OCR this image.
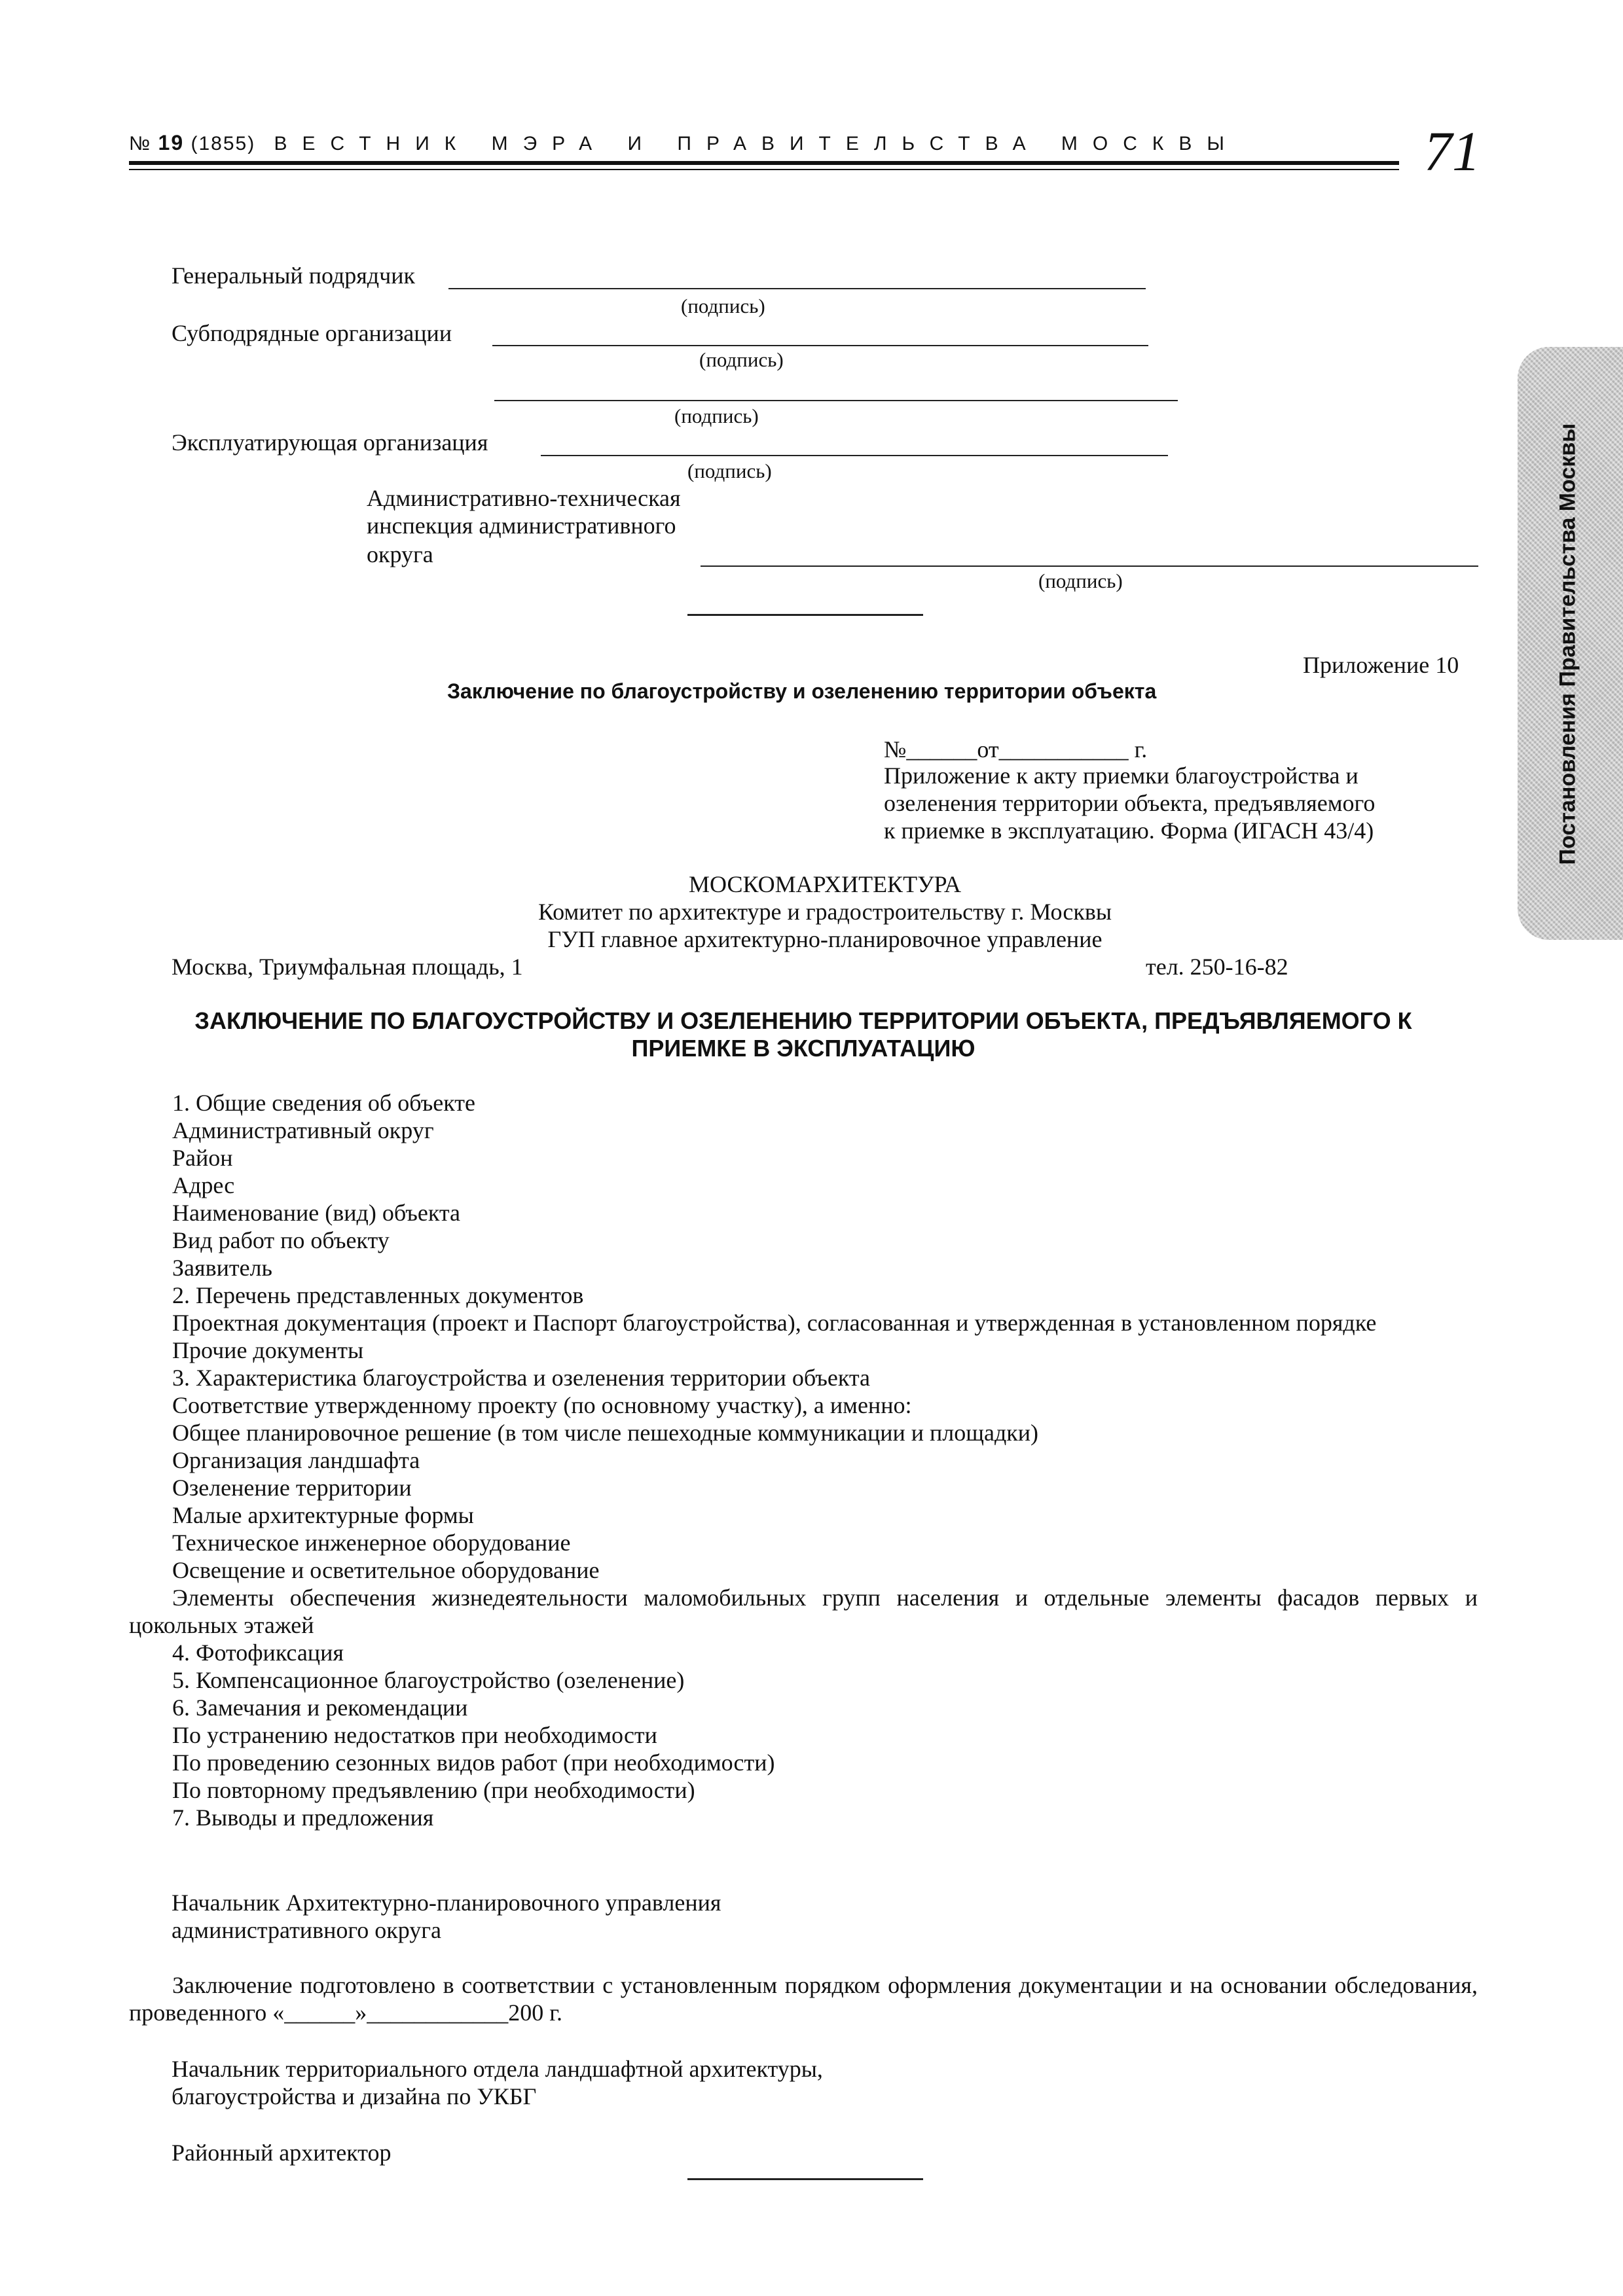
№ 19 (1855) ВЕСТНИК МЭРА И ПРАВИТЕЛЬСТВА МОСКВЫ	71
Постановления Правительства Москвы
Генеральный подрядчик
(подпись)
Субподрядные организации
(подпись)
(подпись)
Эксплуатирующая организация
(подпись)
Административно-техническая
инспекция административного
округа
(подпись)
Приложение 10
Заключение по благоустройству и озеленению территории объекта
№______от___________ г.
Приложение к акту приемки благоустройства и
озеленения территории объекта, предъявляемого
к приемке в эксплуатацию. Форма (ИГАСН 43/4)
МОСКОМАРХИТЕКТУРА
Комитет по архитектуре и градостроительству г. Москвы
ГУП главное архитектурно-планировочное управление
Москва, Триумфальная площадь, 1	тел. 250-16-82
ЗАКЛЮЧЕНИЕ ПО БЛАГОУСТРОЙСТВУ И ОЗЕЛЕНЕНИЮ ТЕРРИТОРИИ ОБЪЕКТА, ПРЕДЪЯВЛЯЕМОГО К
ПРИЕМКЕ В ЭКСПЛУАТАЦИЮ
1. Общие сведения об объекте
Административный округ
Район
Адрес
Наименование (вид) объекта
Вид работ по объекту
Заявитель
2. Перечень представленных документов
Проектная документация (проект и Паспорт благоустройства), согласованная и утвержденная в установленном порядке
Прочие документы
3. Характеристика благоустройства и озеленения территории объекта
Соответствие утвержденному проекту (по основному участку), а именно:
Общее планировочное решение (в том числе пешеходные коммуникации и площадки)
Организация ландшафта
Озеленение территории
Малые архитектурные формы
Техническое инженерное оборудование
Освещение и осветительное оборудование
Элементы обеспечения жизнедеятельности маломобильных групп населения и отдельные элементы фасадов первых и цокольных этажей
4. Фотофиксация
5. Компенсационное благоустройство (озеленение)
6. Замечания и рекомендации
По устранению недостатков при необходимости
По проведению сезонных видов работ (при необходимости)
По повторному предъявлению (при необходимости)
7. Выводы и предложения
Начальник Архитектурно-планировочного управления
административного округа
Заключение подготовлено в соответствии с установленным порядком оформления документации и на основании обследования, проведенного «______»____________200 г.
Начальник территориального отдела ландшафтной архитектуры,
благоустройства и дизайна по УКБГ
Районный архитектор
